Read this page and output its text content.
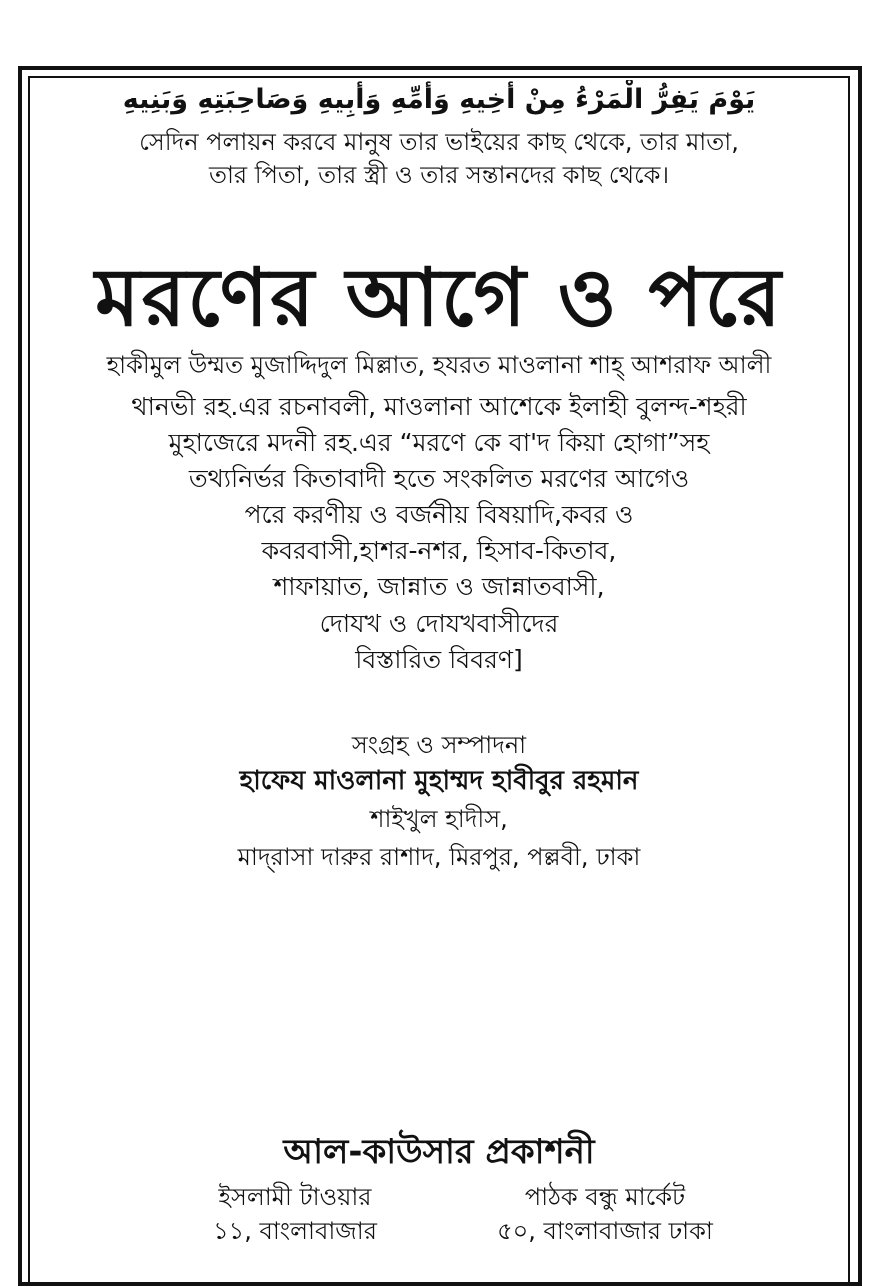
يَوْمَ يَفِرُّ الْمَرْءُ مِنْ أَخِيهِ وَأُمِّهِ وَأَبِيهِ وَصَاحِبَتِهِ وَبَنِيهِ
সেদিন পলায়ন করবে মানুষ তার ভাইয়ের কাছ থেকে, তার মাতা,
তার পিতা, তার স্ত্রী ও তার সন্তানদের কাছ থেকে।
মরণের আগে ও পরে
হাকীমুল উম্মত মুজাদ্দিদুল মিল্লাত, হযরত মাওলানা শাহ্ আশরাফ আলী
থানভী রহ.এর রচনাবলী, মাওলানা আশেকে ইলাহী বুলন্দ-শহরী
মুহাজেরে মদনী রহ.এর “মরণে কে বা'দ কিয়া হোগা”সহ
তথ্যনির্ভর কিতাবাদী হতে সংকলিত মরণের আগেও
পরে করণীয় ও বর্জনীয় বিষয়াদি,কবর ও
কবরবাসী,হাশর-নশর, হিসাব-কিতাব,
শাফায়াত, জান্নাত ও জান্নাতবাসী,
দোযখ ও দোযখবাসীদের
বিস্তারিত বিবরণ]
সংগ্রহ ও সম্পাদনা
হাফেয মাওলানা মুহাম্মদ হাবীবুর রহমান
শাইখুল হাদীস,
মাদ্‌রাসা দারুর রাশাদ, মিরপুর, পল্লবী, ঢাকা
আল-কাউসার প্রকাশনী
ইসলামী টাওয়ার	পাঠক বন্ধু মার্কেট
১১, বাংলাবাজার	৫০, বাংলাবাজার ঢাকা
